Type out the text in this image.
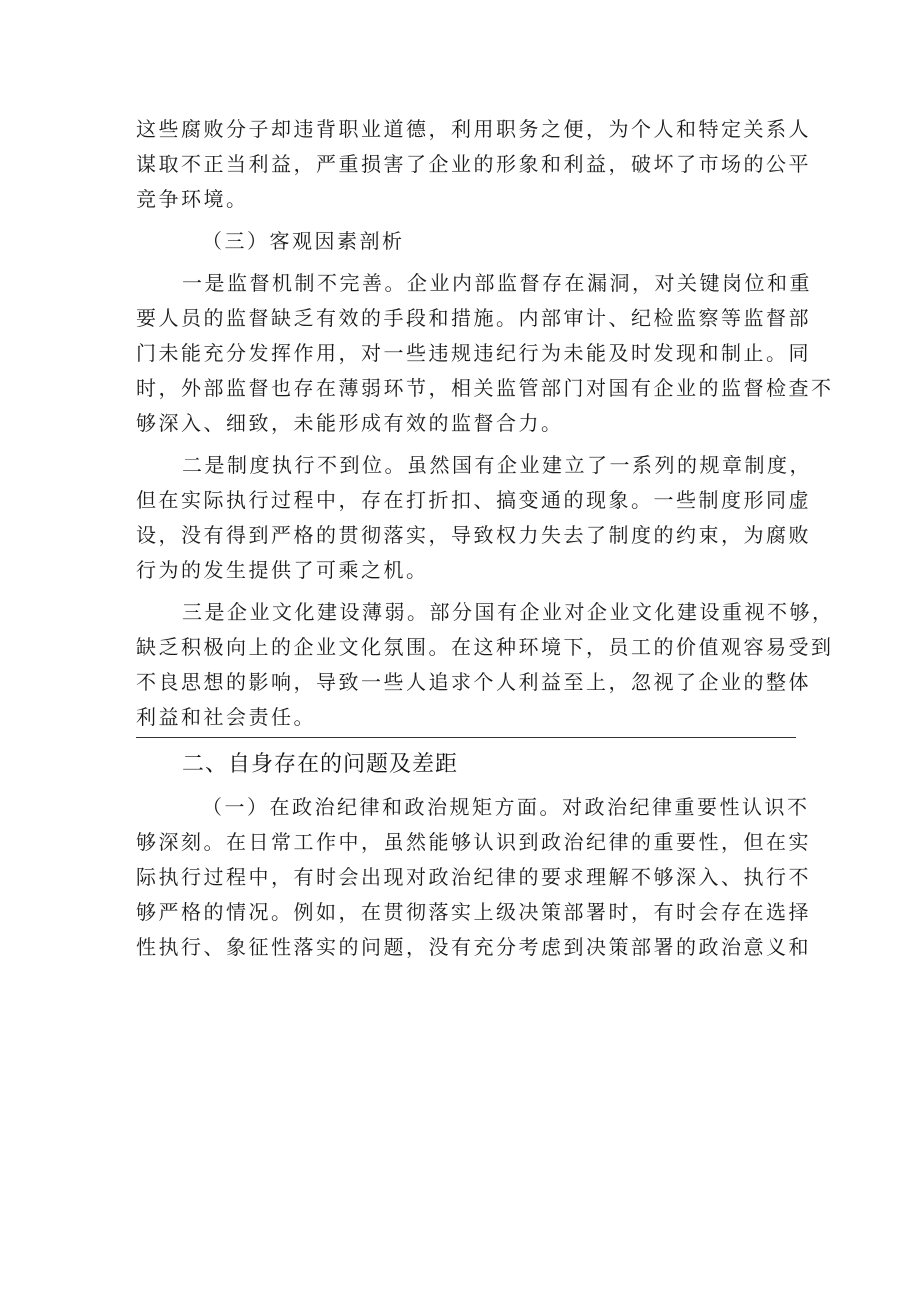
这些腐败分子却违背职业道德，利用职务之便，为个人和特定关系人
谋取不正当利益，严重损害了企业的形象和利益，破坏了市场的公平
竞争环境。
（三）客观因素剖析
一是监督机制不完善。企业内部监督存在漏洞，对关键岗位和重
要人员的监督缺乏有效的手段和措施。内部审计、纪检监察等监督部
门未能充分发挥作用，对一些违规违纪行为未能及时发现和制止。同
时，外部监督也存在薄弱环节，相关监管部门对国有企业的监督检查不
够深入、细致，未能形成有效的监督合力。
二是制度执行不到位。虽然国有企业建立了一系列的规章制度，
但在实际执行过程中，存在打折扣、搞变通的现象。一些制度形同虚
设，没有得到严格的贯彻落实，导致权力失去了制度的约束，为腐败
行为的发生提供了可乘之机。
三是企业文化建设薄弱。部分国有企业对企业文化建设重视不够，
缺乏积极向上的企业文化氛围。在这种环境下，员工的价值观容易受到
不良思想的影响，导致一些人追求个人利益至上，忽视了企业的整体
利益和社会责任。
二、自身存在的问题及差距
（一）在政治纪律和政治规矩方面。对政治纪律重要性认识不
够深刻。在日常工作中，虽然能够认识到政治纪律的重要性，但在实
际执行过程中，有时会出现对政治纪律的要求理解不够深入、执行不
够严格的情况。例如，在贯彻落实上级决策部署时，有时会存在选择
性执行、象征性落实的问题，没有充分考虑到决策部署的政治意义和
